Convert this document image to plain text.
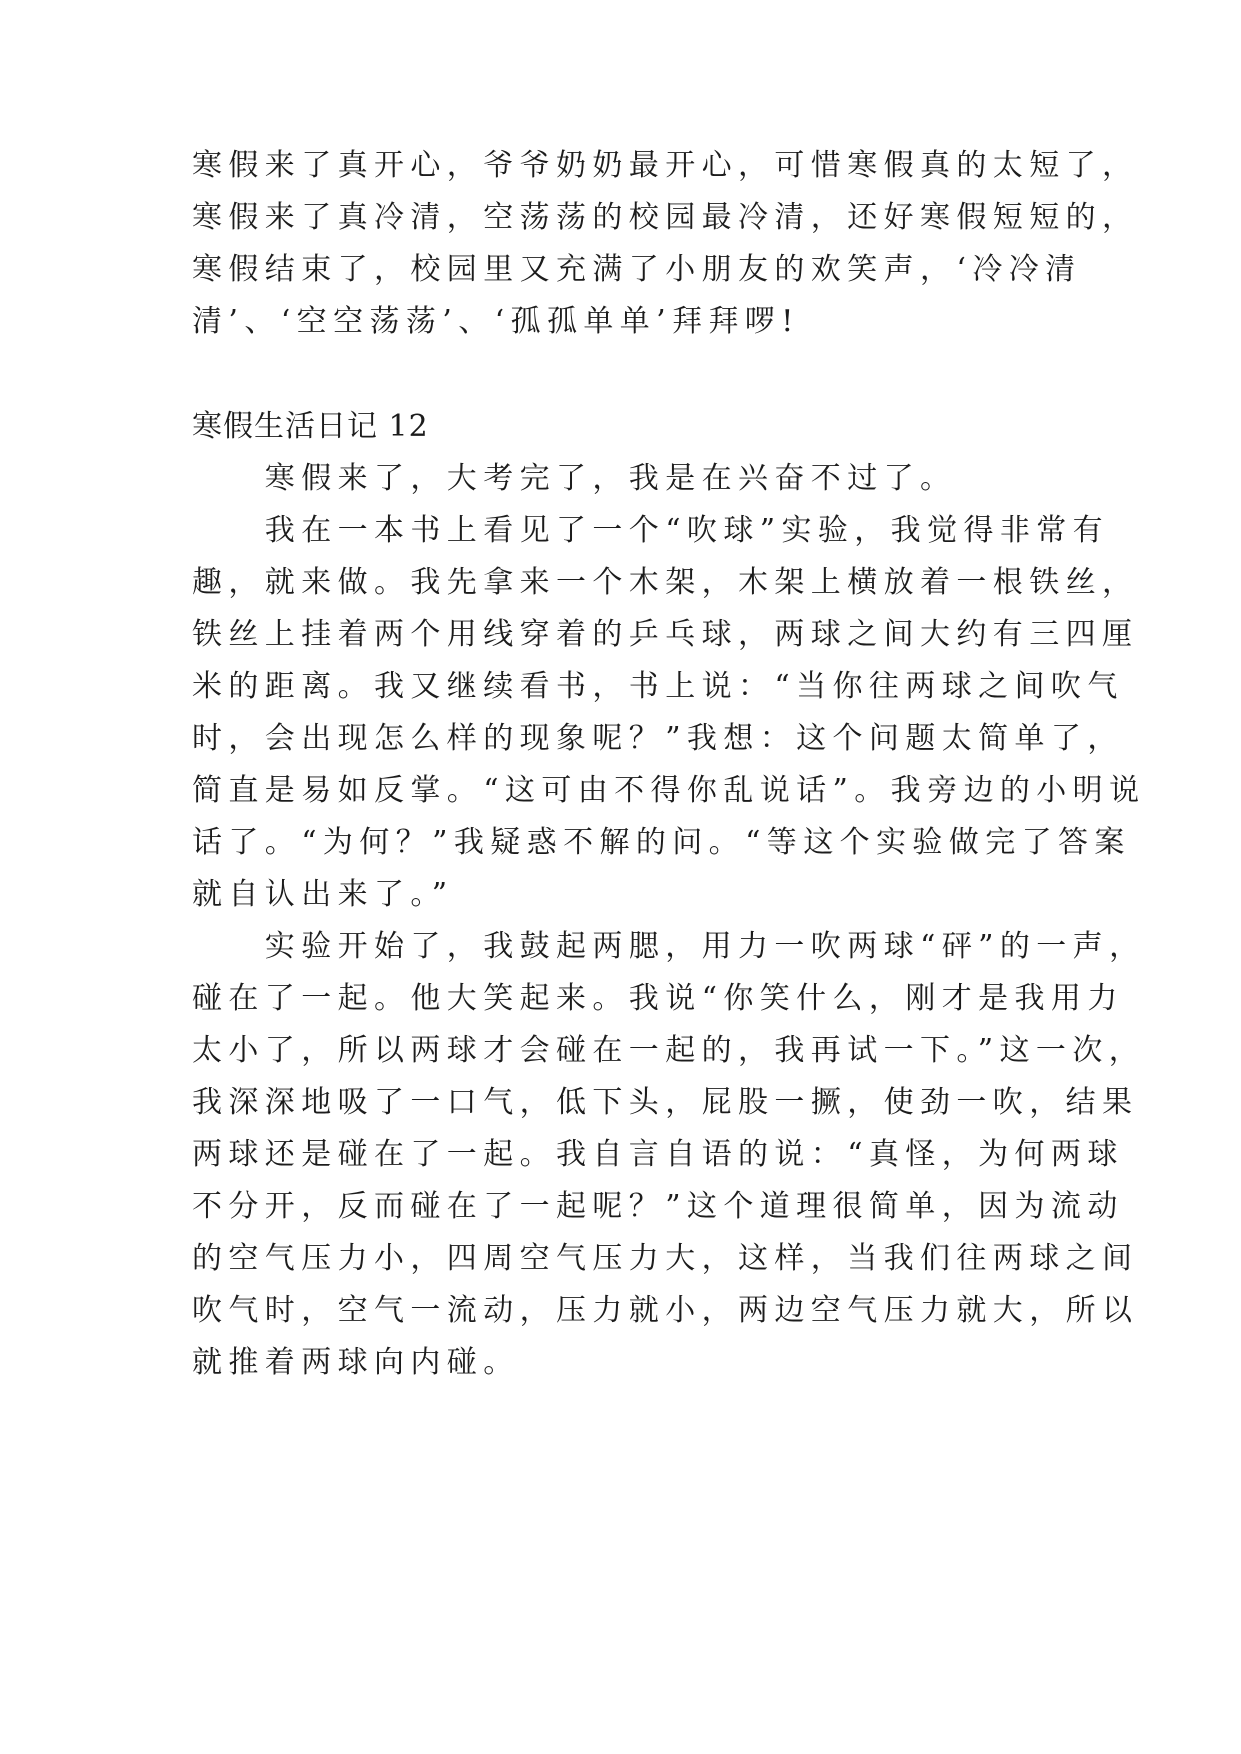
寒假来了真开心，爷爷奶奶最开心，可惜寒假真的太短了，
寒假来了真冷清，空荡荡的校园最冷清，还好寒假短短的，
寒假结束了，校园里又充满了小朋友的欢笑声，‘冷冷清
清’、‘空空荡荡’、‘孤孤单单’拜拜啰!
寒假生活日记 12
　　寒假来了，大考完了，我是在兴奋不过了。
　　我在一本书上看见了一个“吹球”实验，我觉得非常有
趣，就来做。我先拿来一个木架，木架上横放着一根铁丝，
铁丝上挂着两个用线穿着的乒乓球，两球之间大约有三四厘
米的距离。我又继续看书，书上说：“当你往两球之间吹气
时，会出现怎么样的现象呢？”我想：这个问题太简单了，
简直是易如反掌。“这可由不得你乱说话”。我旁边的小明说
话了。“为何？”我疑惑不解的问。“等这个实验做完了答案
就自认出来了。”
　　实验开始了，我鼓起两腮，用力一吹两球“砰”的一声，
碰在了一起。他大笑起来。我说“你笑什么，刚才是我用力
太小了，所以两球才会碰在一起的，我再试一下。”这一次，
我深深地吸了一口气，低下头，屁股一撅，使劲一吹，结果
两球还是碰在了一起。我自言自语的说：“真怪，为何两球
不分开，反而碰在了一起呢？”这个道理很简单，因为流动
的空气压力小，四周空气压力大，这样，当我们往两球之间
吹气时，空气一流动，压力就小，两边空气压力就大，所以
就推着两球向内碰。
